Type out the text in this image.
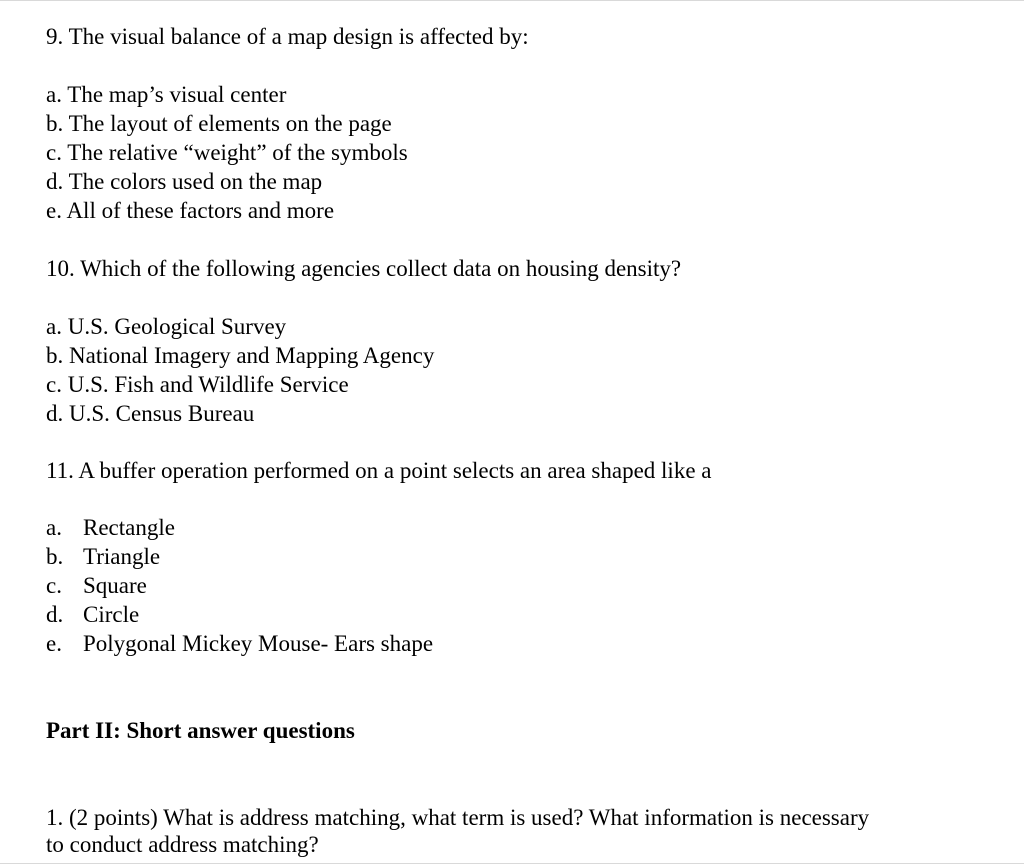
9. The visual balance of a map design is affected by:
a. The map’s visual center
b. The layout of elements on the page
c. The relative “weight” of the symbols
d. The colors used on the map
e. All of these factors and more
10. Which of the following agencies collect data on housing density?
a. U.S. Geological Survey
b. National Imagery and Mapping Agency
c. U.S. Fish and Wildlife Service
d. U.S. Census Bureau
11. A buffer operation performed on a point selects an area shaped like a
a. Rectangle
b. Triangle
c. Square
d. Circle
e. Polygonal Mickey Mouse- Ears shape
Part II: Short answer questions
1. (2 points) What is address matching, what term is used? What information is necessary
to conduct address matching?
